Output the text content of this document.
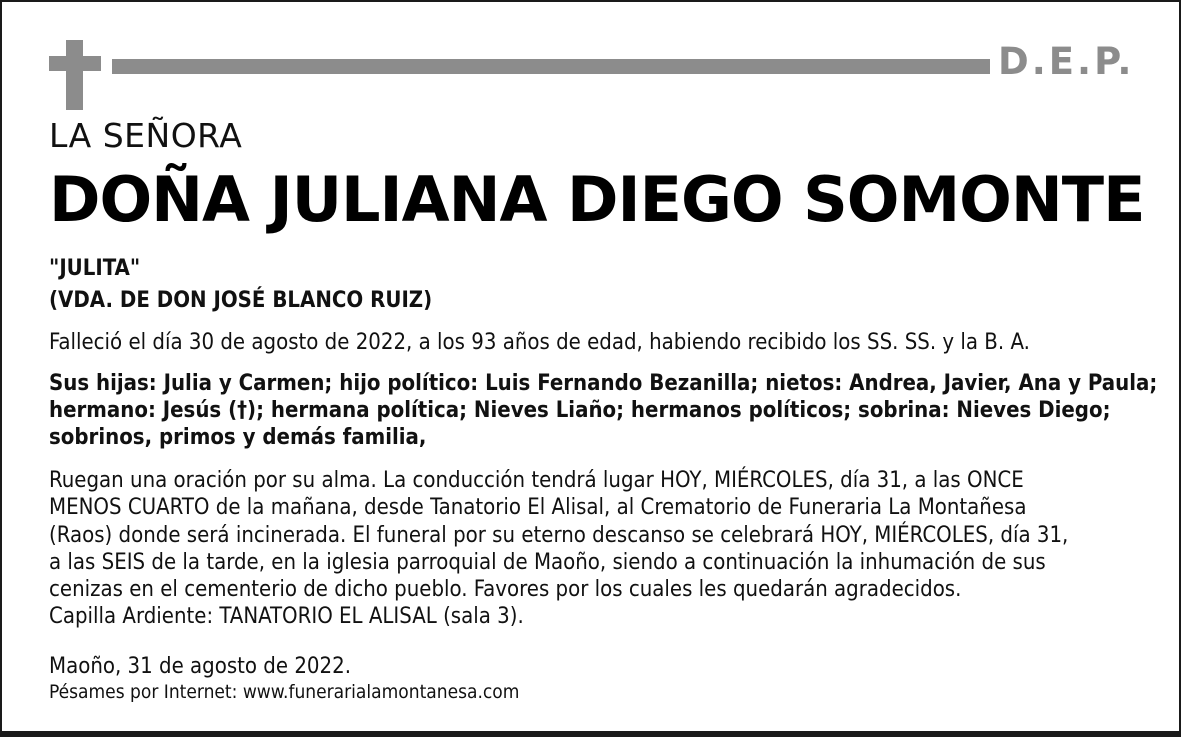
D.E.P.
LA SEÑORA
DOÑA JULIANA DIEGO SOMONTE
"JULITA"
(VDA. DE DON JOSÉ BLANCO RUIZ)
Falleció el día 30 de agosto de 2022, a los 93 años de edad, habiendo recibido los SS. SS. y la B. A.
Sus hijas: Julia y Carmen; hijo político: Luis Fernando Bezanilla; nietos: Andrea, Javier, Ana y Paula;
hermano: Jesús (†); hermana política; Nieves Liaño; hermanos políticos; sobrina: Nieves Diego;
sobrinos, primos y demás familia,
Ruegan una oración por su alma. La conducción tendrá lugar HOY, MIÉRCOLES, día 31, a las ONCE
MENOS CUARTO de la mañana, desde Tanatorio El Alisal, al Crematorio de Funeraria La Montañesa
(Raos) donde será incinerada. El funeral por su eterno descanso se celebrará HOY, MIÉRCOLES, día 31,
a las SEIS de la tarde, en la iglesia parroquial de Maoño, siendo a continuación la inhumación de sus
cenizas en el cementerio de dicho pueblo. Favores por los cuales les quedarán agradecidos.
Capilla Ardiente: TANATORIO EL ALISAL (sala 3).
Maoño, 31 de agosto de 2022.
Pésames por Internet: www.funerarialamontanesa.com
